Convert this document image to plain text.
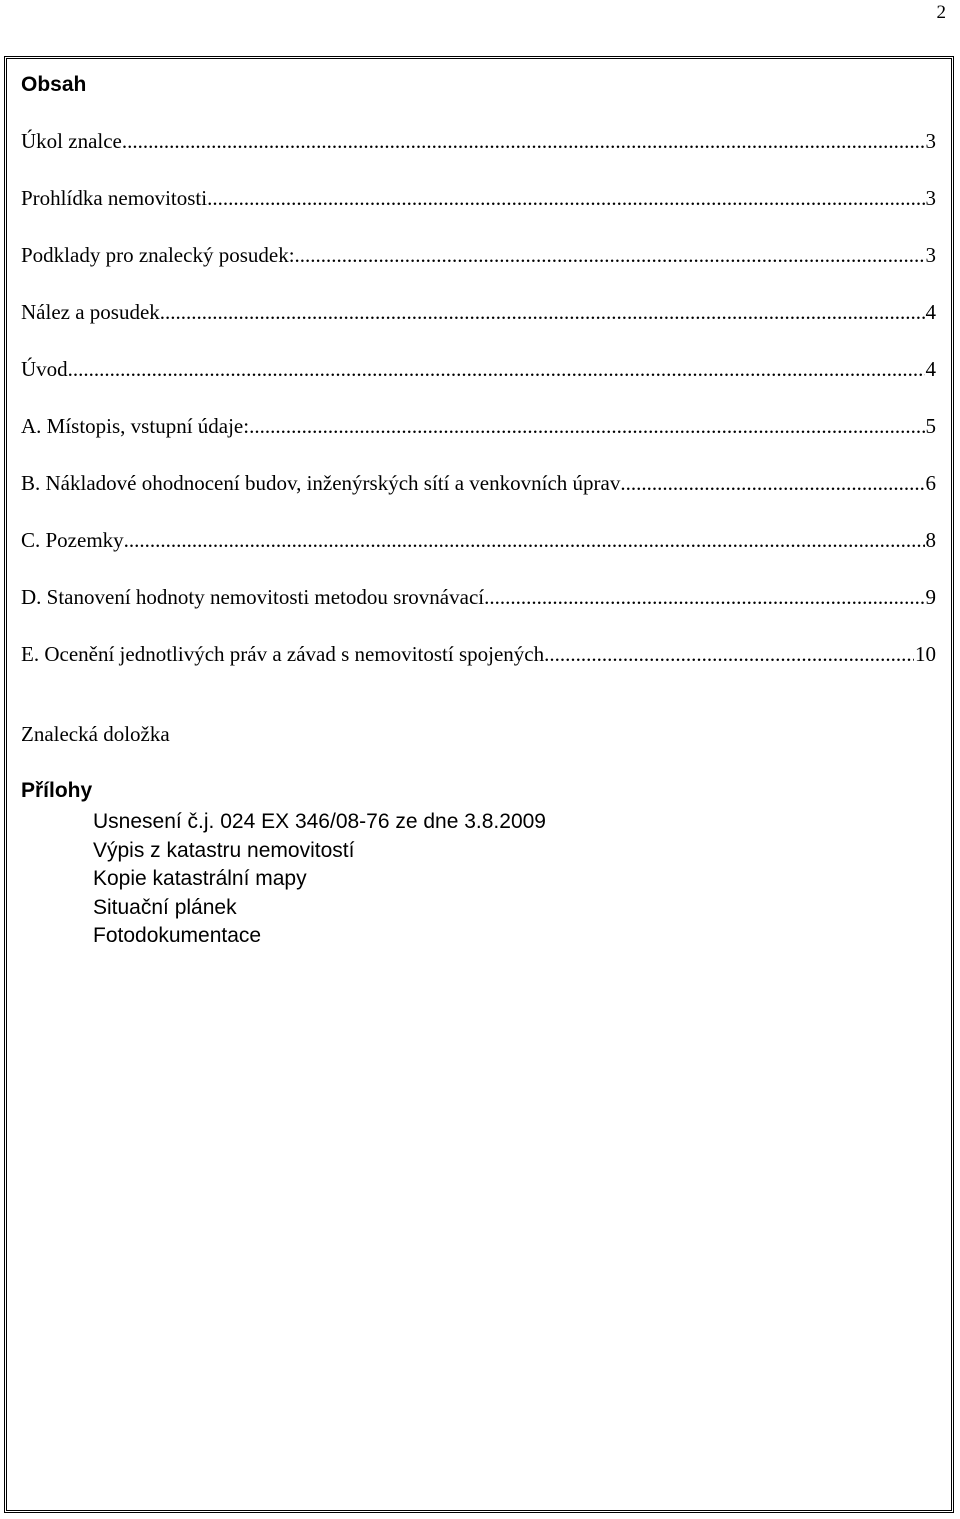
2
Obsah
Úkol znalce .....	3
Prohlídka nemovitosti .....	3
Podklady pro znalecký posudek: .....	3
Nález a posudek .....	4
Úvod .....	4
A. Místopis, vstupní údaje: .....	5
B. Nákladové ohodnocení budov, inženýrských sítí a venkovních úprav .....	6
C. Pozemky .....	8
D. Stanovení hodnoty nemovitosti metodou srovnávací .....	9
E. Ocenění jednotlivých práv a závad s nemovitostí spojených .....	10
Znalecká doložka
Přílohy
Usnesení č.j. 024 EX 346/08-76 ze dne 3.8.2009
Výpis z katastru nemovitostí
Kopie katastrální mapy
Situační plánek
Fotodokumentace
